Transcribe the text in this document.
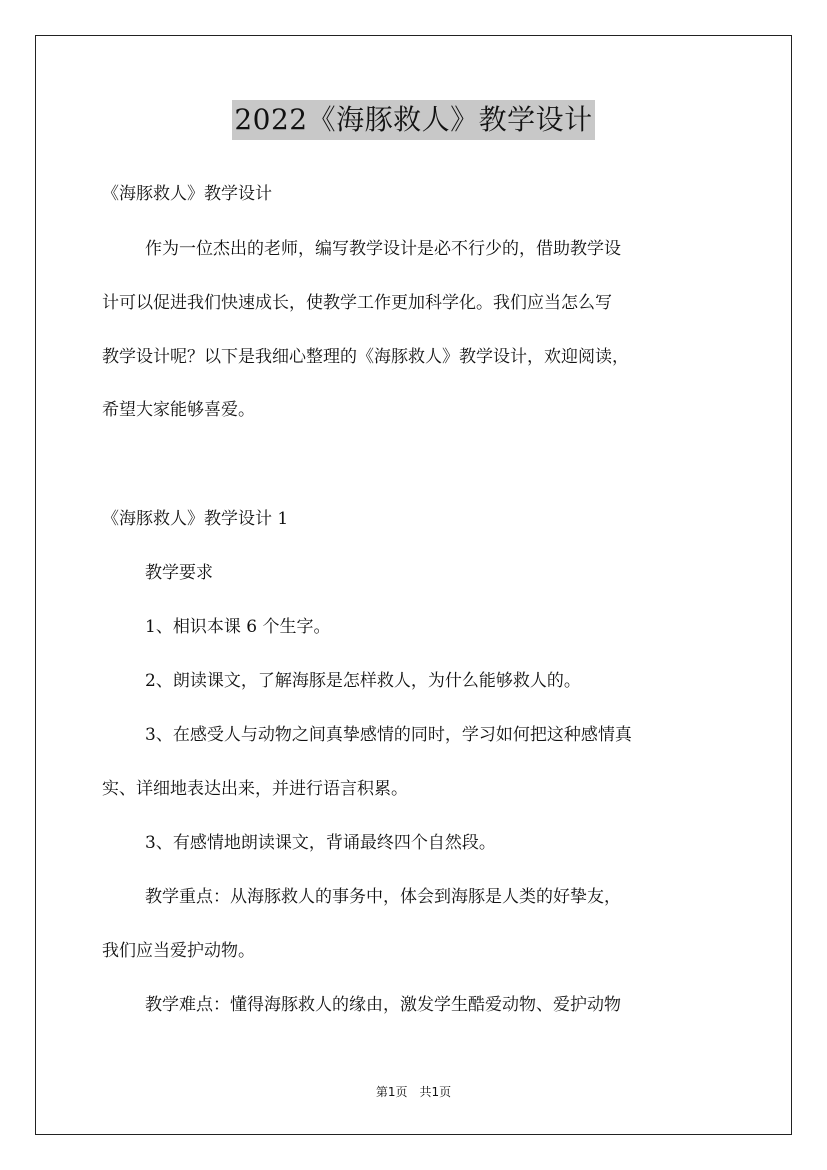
2022《海豚救人》教学设计
《海豚救人》教学设计
作为一位杰出的老师，编写教学设计是必不行少的，借助教学设
计可以促进我们快速成长，使教学工作更加科学化。我们应当怎么写
教学设计呢？以下是我细心整理的《海豚救人》教学设计，欢迎阅读，
希望大家能够喜爱。
《海豚救人》教学设计 1
教学要求
1、相识本课 6 个生字。
2、朗读课文，了解海豚是怎样救人，为什么能够救人的。
3、在感受人与动物之间真挚感情的同时，学习如何把这种感情真
实、详细地表达出来，并进行语言积累。
3、有感情地朗读课文，背诵最终四个自然段。
教学重点：从海豚救人的事务中，体会到海豚是人类的好挚友，
我们应当爱护动物。
教学难点：懂得海豚救人的缘由，激发学生酷爱动物、爱护动物
第1页　共1页
